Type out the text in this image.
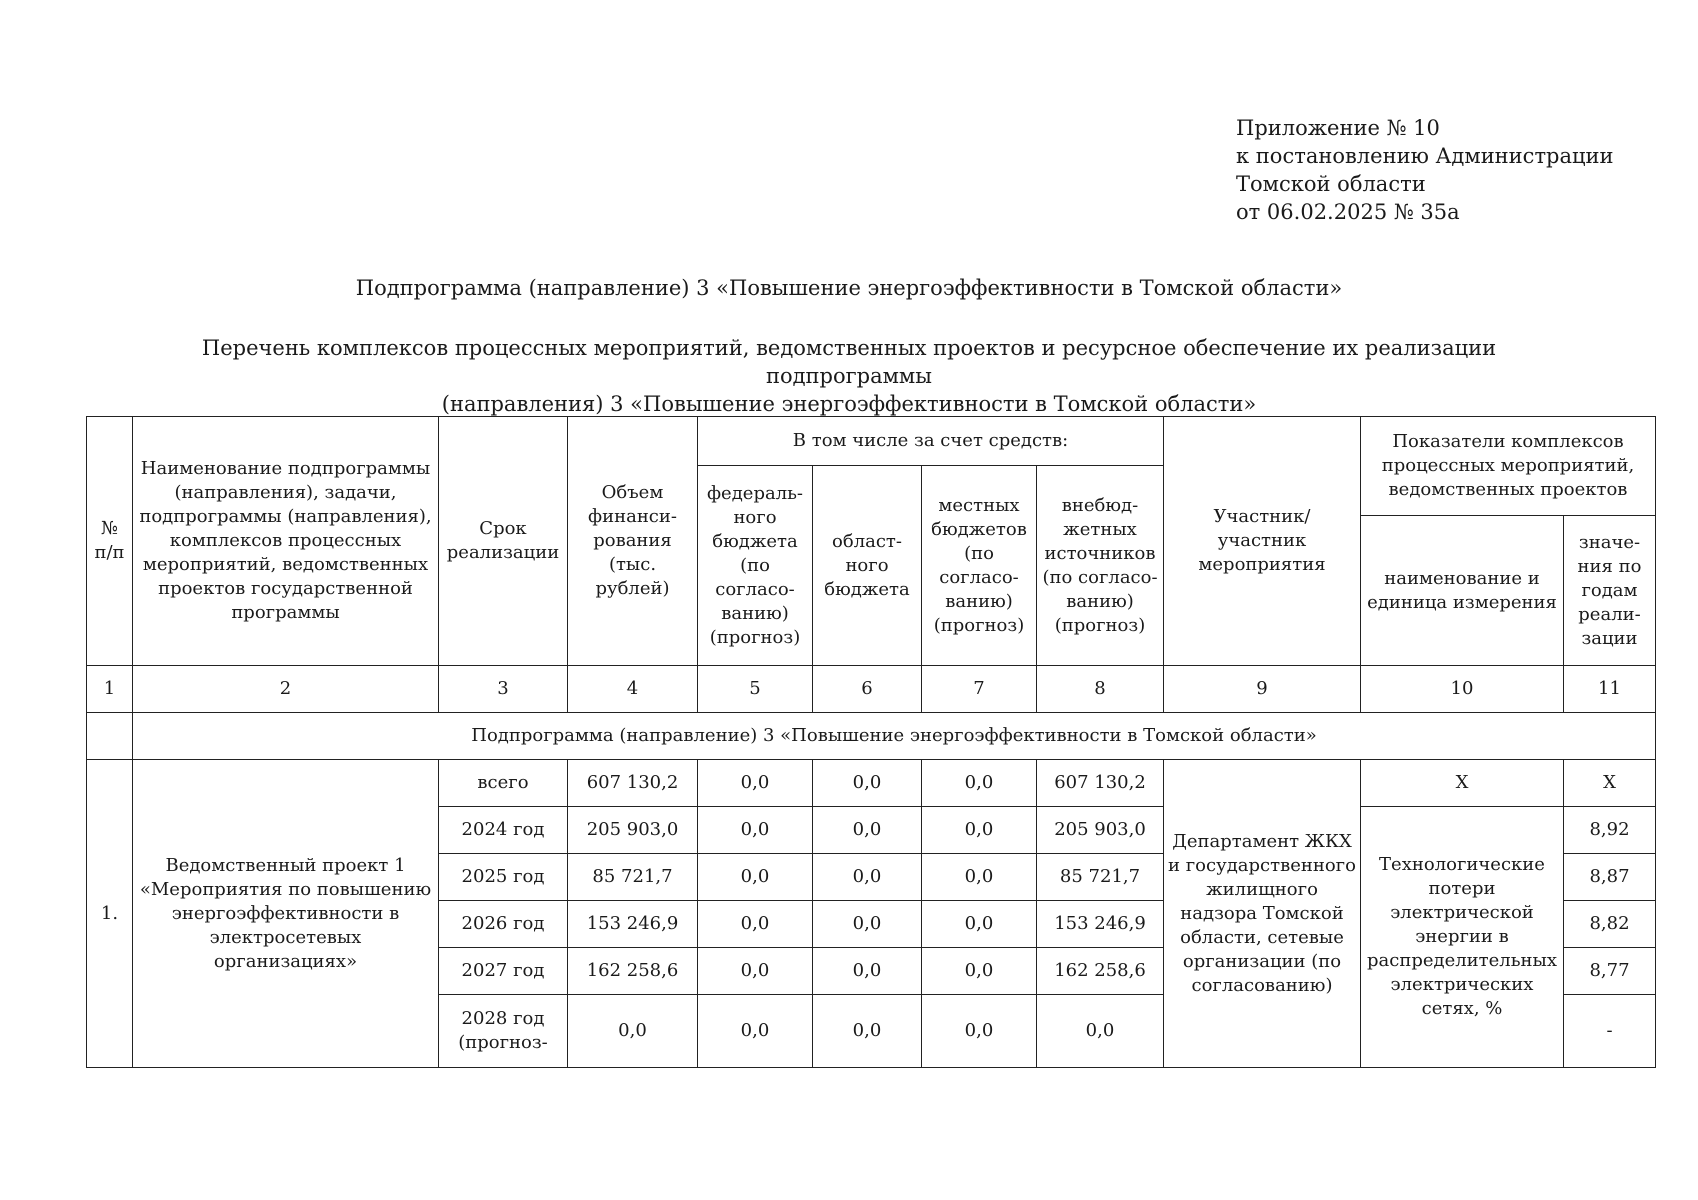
Приложение № 10
к постановлению Администрации
Томской области
от 06.02.2025 № 35а
Подпрограмма (направление) 3 «Повышение энергоэффективности в Томской области»
Перечень комплексов процессных мероприятий, ведомственных проектов и ресурсное обеспечение их реализации подпрограммы
(направления) 3 «Повышение энергоэффективности в Томской области»
№ п/п	Наименование подпрограммы (направления), задачи, подпрограммы (направления), комплексов процессных мероприятий, ведомственных проектов государственной программы	Срок реализации	Объем финанси-рования (тыс. рублей)	В том числе за счет средств:				Участник/ участник мероприятия	Показатели комплексов процессных мероприятий, ведомственных проектов	
				федераль-ного бюджета (по согласо-ванию) (прогноз)	област-ного бюджета	местных бюджетов (по согласо-ванию) (прогноз)	внебюд-жетных источников (по согласо-ванию) (прогноз)			
									наименование и единица измерения	значе-ния по годам реали-зации
1	2	3	4	5	6	7	8	9	10	11
	Подпрограмма (направление) 3 «Повышение энергоэффективности в Томской области»									
1.	Ведомственный проект 1 «Мероприятия по повышению энергоэффективности в электросетевых организациях»	всего	607 130,2	0,0	0,0	0,0	607 130,2	Департамент ЖКХ и государственного жилищного надзора Томской области, сетевые организации (по согласованию)	Х	Х
		2024 год	205 903,0	0,0	0,0	0,0	205 903,0		Технологические потери электрической энергии в распределительных электрических сетях, %	8,92
		2025 год	85 721,7	0,0	0,0	0,0	85 721,7			8,87
		2026 год	153 246,9	0,0	0,0	0,0	153 246,9			8,82
		2027 год	162 258,6	0,0	0,0	0,0	162 258,6			8,77
		2028 год (прогноз-	0,0	0,0	0,0	0,0	0,0			-
